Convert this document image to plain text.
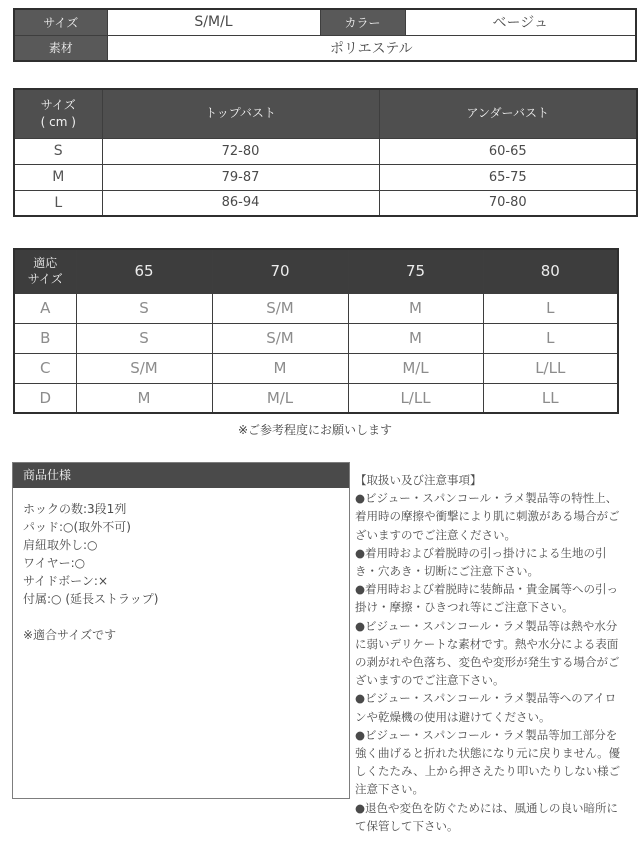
サイズ	S/M/L	カラー	ベージュ
素材	ポリエステル		
サイズ
( cm )	トップバスト	アンダーバスト
S	72-80	60-65
M	79-87	65-75
L	86-94	70-80
適応
サイズ	65	70	75	80
A	S	S/M	M	L
B	S	S/M	M	L
C	S/M	M	M/L	L/LL
D	M	M/L	L/LL	LL
※ご参考程度にお願いします
商品仕様
ホックの数:3段1列
パッド:○(取外不可)
肩紐取外し:○
ワイヤー:○
サイドボーン:×
付属:○ (延長ストラップ)
※適合サイズです

【取扱い及び注意事項】

●ビジュー・スパンコール・ラメ製品等の特性上、着用時の摩擦や衝撃により肌に刺激がある場合がございますのでご注意ください。

●着用時および着脱時の引っ掛けによる生地の引き・穴あき・切断にご注意下さい。

●着用時および着脱時に装飾品・貴金属等への引っ掛け・摩擦・ひきつれ等にご注意下さい。

●ビジュー・スパンコール・ラメ製品等は熱や水分に弱いデリケートな素材です。熱や水分による表面の剥がれや色落ち、変色や変形が発生する場合がございますのでご注意下さい。

●ビジュー・スパンコール・ラメ製品等へのアイロンや乾燥機の使用は避けてください。

●ビジュー・スパンコール・ラメ製品等加工部分を強く曲げると折れた状態になり元に戻りません。優しくたたみ、上から押さえたり叩いたりしない様ご注意下さい。

●退色や変色を防ぐためには、風通しの良い暗所にて保管して下さい。
